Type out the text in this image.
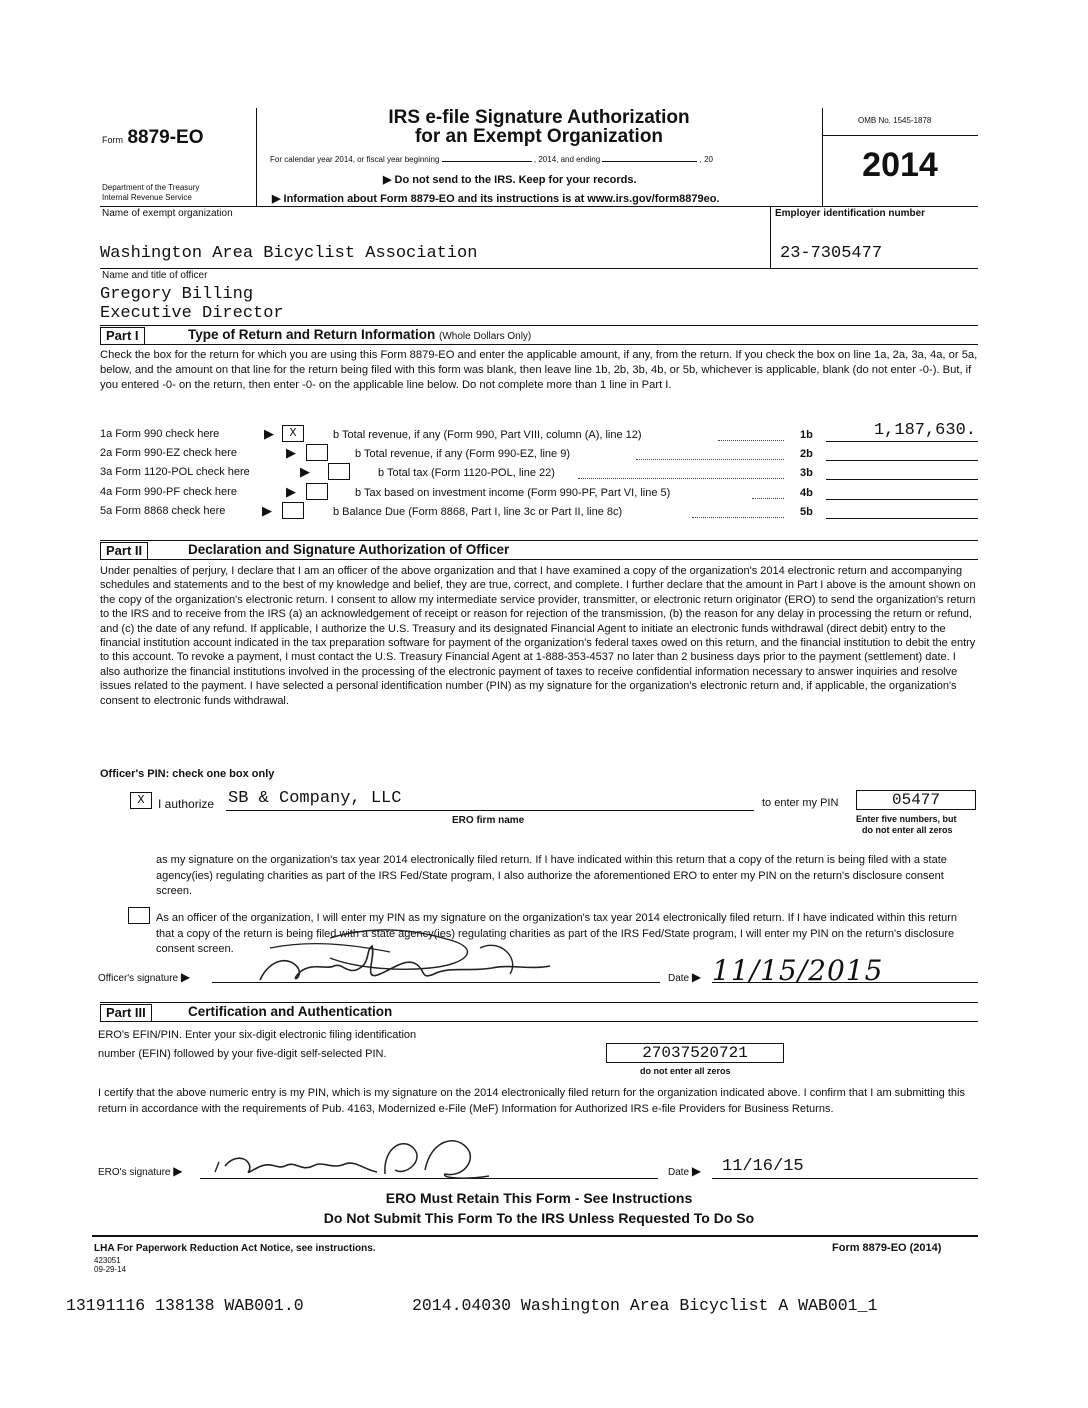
Form 8879-EO
Department of the Treasury
Internal Revenue Service
IRS e-file Signature Authorization
for an Exempt Organization
For calendar year 2014, or fiscal year beginning	, 2014, and ending	, 20
▶ Do not send to the IRS. Keep for your records.
▶ Information about Form 8879-EO and its instructions is at www.irs.gov/form8879eo.
OMB No. 1545-1878
2014
Name of exempt organization	Employer identification number
Washington Area Bicyclist Association	23-7305477
Name and title of officer
Gregory Billing
Executive Director
Part I	Type of Return and Return Information (Whole Dollars Only)
Check the box for the return for which you are using this Form 8879-EO and enter the applicable amount, if any, from the return. If you check the box on line 1a, 2a, 3a, 4a, or 5a, below, and the amount on that line for the return being filed with this form was blank, then leave line 1b, 2b, 3b, 4b, or 5b, whichever is applicable, blank (do not enter -0-). But, if you entered -0- on the return, then enter -0- on the applicable line below. Do not complete more than 1 line in Part I.
1a Form 990 check here	▶	X	b Total revenue, if any (Form 990, Part VIII, column (A), line 12)	1b	1,187,630.
2a Form 990-EZ check here	▶	b Total revenue, if any (Form 990-EZ, line 9)	2b
3a Form 1120-POL check here	▶	b Total tax (Form 1120-POL, line 22)	3b
4a Form 990-PF check here	▶	b Tax based on investment income (Form 990-PF, Part VI, line 5)	4b
5a Form 8868 check here	▶	b Balance Due (Form 8868, Part I, line 3c or Part II, line 8c)	5b
Part II	Declaration and Signature Authorization of Officer
Under penalties of perjury, I declare that I am an officer of the above organization and that I have examined a copy of the organization's 2014 electronic return and accompanying schedules and statements and to the best of my knowledge and belief, they are true, correct, and complete. I further declare that the amount in Part I above is the amount shown on the copy of the organization's electronic return. I consent to allow my intermediate service provider, transmitter, or electronic return originator (ERO) to send the organization's return to the IRS and to receive from the IRS (a) an acknowledgement of receipt or reason for rejection of the transmission, (b) the reason for any delay in processing the return or refund, and (c) the date of any refund. If applicable, I authorize the U.S. Treasury and its designated Financial Agent to initiate an electronic funds withdrawal (direct debit) entry to the financial institution account indicated in the tax preparation software for payment of the organization's federal taxes owed on this return, and the financial institution to debit the entry to this account. To revoke a payment, I must contact the U.S. Treasury Financial Agent at 1-888-353-4537 no later than 2 business days prior to the payment (settlement) date. I also authorize the financial institutions involved in the processing of the electronic payment of taxes to receive confidential information necessary to answer inquiries and resolve issues related to the payment. I have selected a personal identification number (PIN) as my signature for the organization's electronic return and, if applicable, the organization's consent to electronic funds withdrawal.
Officer's PIN: check one box only
X	I authorize SB & Company, LLC
ERO firm name
to enter my PIN	05477
Enter five numbers, but
do not enter all zeros
as my signature on the organization's tax year 2014 electronically filed return. If I have indicated within this return that a copy of the return is being filed with a state agency(ies) regulating charities as part of the IRS Fed/State program, I also authorize the aforementioned ERO to enter my PIN on the return's disclosure consent screen.
As an officer of the organization, I will enter my PIN as my signature on the organization's tax year 2014 electronically filed return. If I have indicated within this return that a copy of the return is being filed with a state agency(ies) regulating charities as part of the IRS Fed/State program, I will enter my PIN on the return's disclosure consent screen.
Officer's signature ▶	Date ▶ 11/15/2015
Part III	Certification and Authentication
ERO's EFIN/PIN. Enter your six-digit electronic filing identification
number (EFIN) followed by your five-digit self-selected PIN.	27037520721
do not enter all zeros
I certify that the above numeric entry is my PIN, which is my signature on the 2014 electronically filed return for the organization indicated above. I confirm that I am submitting this return in accordance with the requirements of Pub. 4163, Modernized e-File (MeF) Information for Authorized IRS e-file Providers for Business Returns.
ERO's signature ▶	Date ▶ 11/16/15
ERO Must Retain This Form - See Instructions
Do Not Submit This Form To the IRS Unless Requested To Do So
LHA For Paperwork Reduction Act Notice, see instructions.
423051
09-29-14
Form 8879-EO (2014)
13191116 138138 WAB001.0	2014.04030 Washington Area Bicyclist A WAB001_1
